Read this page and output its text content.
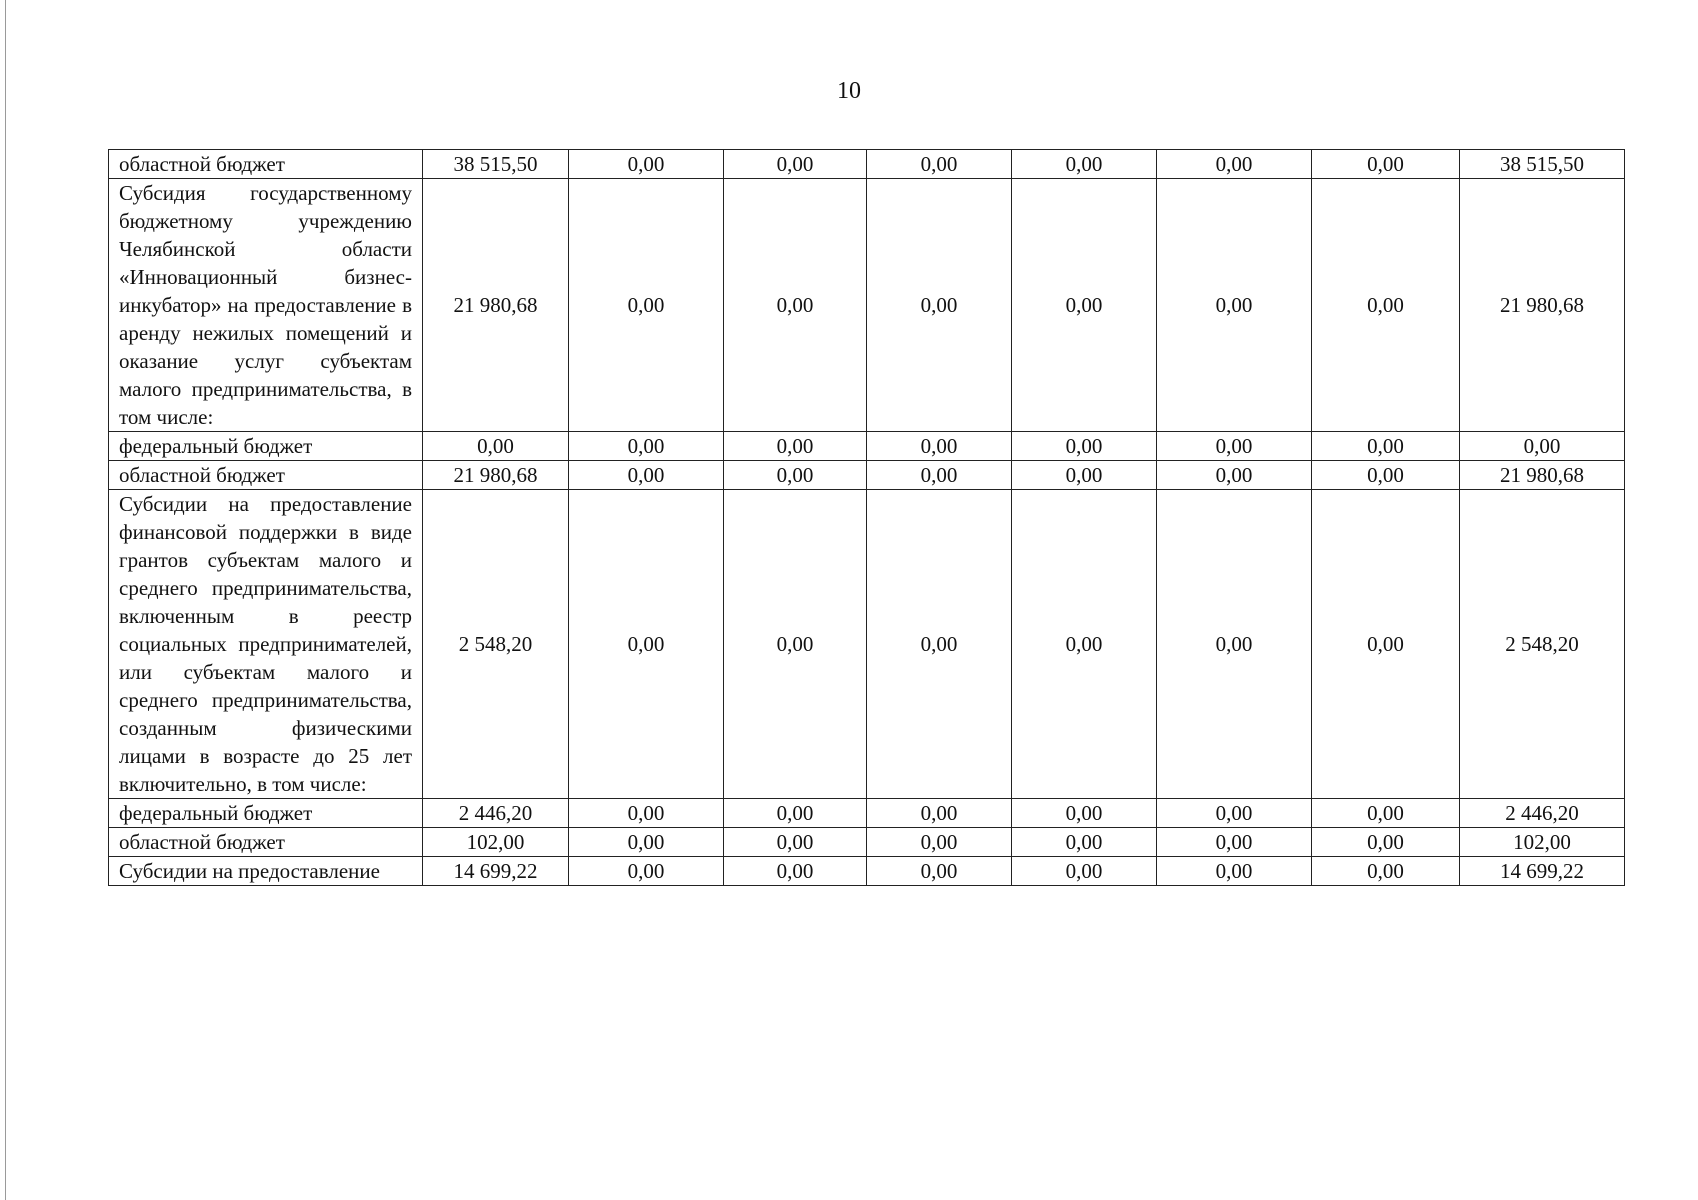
10
областной бюджет	38 515,50	0,00	0,00	0,00	0,00	0,00	0,00	38 515,50
Субсидия государственному бюджетному учреждению Челябинской области «Инновационный бизнес-инкубатор» на предоставление в аренду нежилых помещений и оказание услуг субъектам малого предпринимательства, в том числе:	21 980,68	0,00	0,00	0,00	0,00	0,00	0,00	21 980,68
федеральный бюджет	0,00	0,00	0,00	0,00	0,00	0,00	0,00	0,00
областной бюджет	21 980,68	0,00	0,00	0,00	0,00	0,00	0,00	21 980,68
Субсидии на предоставление финансовой поддержки в виде грантов субъектам малого и среднего предпринимательства, включенным в реестр социальных предпринимателей, или субъектам малого и среднего предпринимательства, созданным физическими лицами в возрасте до 25 лет включительно, в том числе:	2 548,20	0,00	0,00	0,00	0,00	0,00	0,00	2 548,20
федеральный бюджет	2 446,20	0,00	0,00	0,00	0,00	0,00	0,00	2 446,20
областной бюджет	102,00	0,00	0,00	0,00	0,00	0,00	0,00	102,00
Субсидии на предоставление	14 699,22	0,00	0,00	0,00	0,00	0,00	0,00	14 699,22
